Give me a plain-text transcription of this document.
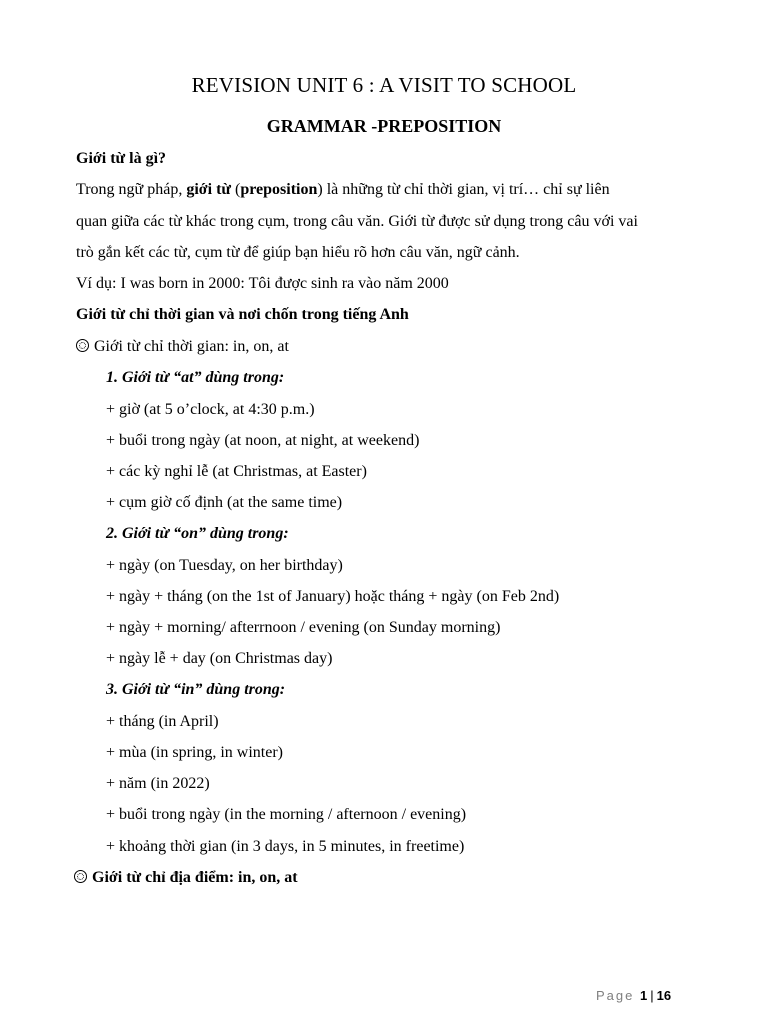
REVISION UNIT 6 : A VISIT TO SCHOOL
GRAMMAR -PREPOSITION
Giới từ là gì?
Trong ngữ pháp, giới từ (preposition) là những từ chỉ thời gian, vị trí… chỉ sự liên
quan giữa các từ khác trong cụm, trong câu văn. Giới từ được sử dụng trong câu với vai
trò gắn kết các từ, cụm từ để giúp bạn hiểu rõ hơn câu văn, ngữ cảnh.
Ví dụ: I was born in 2000: Tôi được sinh ra vào năm 2000
Giới từ chỉ thời gian và nơi chốn trong tiếng Anh
Giới từ chỉ thời gian: in, on, at
1. Giới từ “at” dùng trong:
+ giờ (at 5 o’clock, at 4:30 p.m.)
+ buổi trong ngày (at noon, at night, at weekend)
+ các kỳ nghỉ lễ (at Christmas, at Easter)
+ cụm giờ cố định (at the same time)
2. Giới từ “on” dùng trong:
+ ngày (on Tuesday, on her birthday)
+ ngày + tháng (on the 1st of January) hoặc tháng + ngày (on Feb 2nd)
+ ngày + morning/ afterrnoon / evening (on Sunday morning)
+ ngày lễ + day (on Christmas day)
3. Giới từ “in” dùng trong:
+ tháng (in April)
+ mùa (in spring, in winter)
+ năm (in 2022)
+ buổi trong ngày (in the morning / afternoon / evening)
+ khoảng thời gian (in 3 days, in 5 minutes, in freetime)
Giới từ chỉ địa điểm: in, on, at
Page 1 | 16
